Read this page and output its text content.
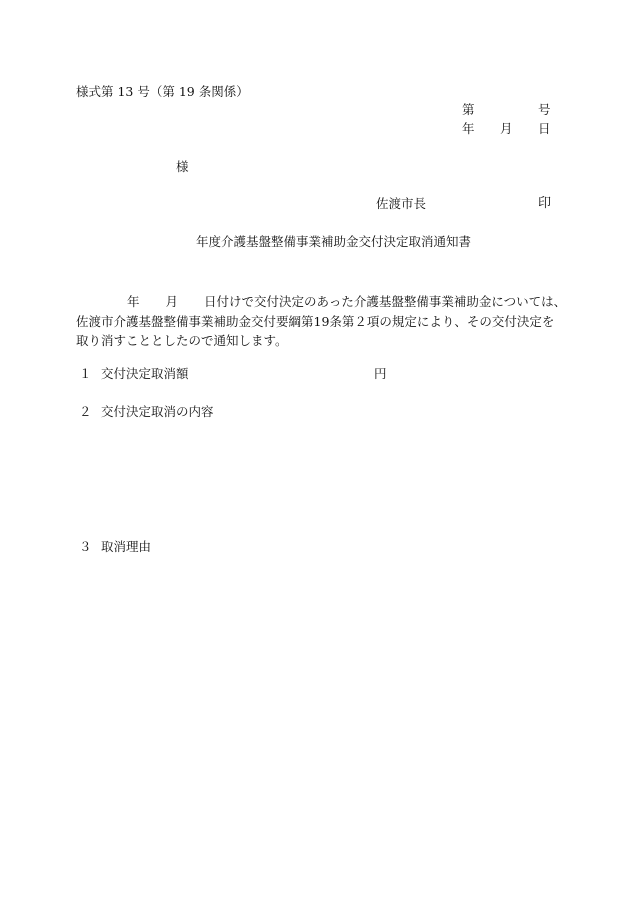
様式第 13 号（第 19 条関係）
第	号
年 月 日
様
佐渡市長	印
年度介護基盤整備事業補助金交付決定取消通知書
年 月 日付けで交付決定のあった介護基盤整備事業補助金については、
佐渡市介護基盤整備事業補助金交付要綱第19条第２項の規定により、その交付決定を
取り消すこととしたので通知します。
１ 交付決定取消額	円
２ 交付決定取消の内容
３ 取消理由
